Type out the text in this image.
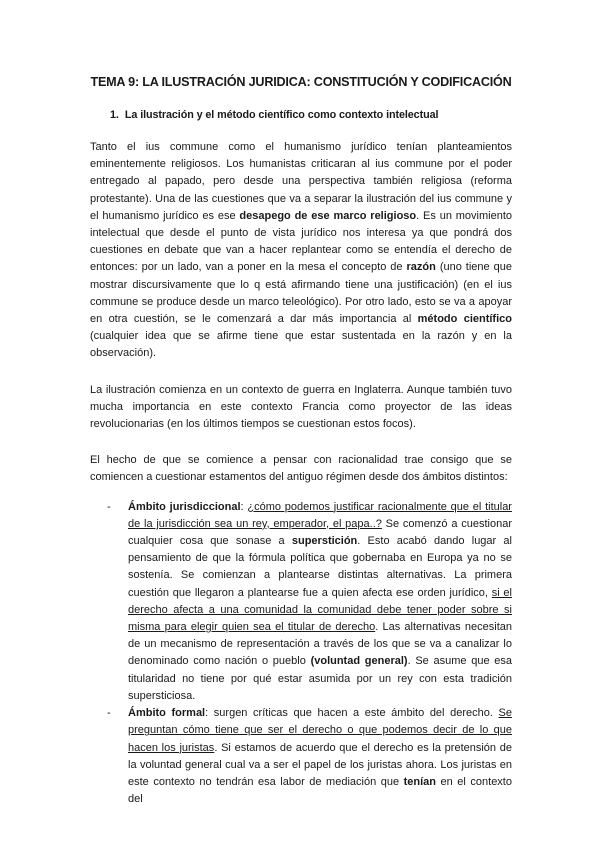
TEMA 9: LA ILUSTRACIÓN JURIDICA: CONSTITUCIÓN Y CODIFICACIÓN
1. La ilustración y el método científico como contexto intelectual

Tanto el ius commune como el humanismo jurídico tenían planteamientos eminentemente religiosos. Los humanistas criticaran al ius commune por el poder entregado al papado, pero desde una perspectiva también religiosa (reforma protestante). Una de las cuestiones que va a separar la ilustración del ius commune y el humanismo jurídico es ese desapego de ese marco religioso. Es un movimiento intelectual que desde el punto de vista jurídico nos interesa ya que pondrá dos cuestiones en debate que van a hacer replantear como se entendía el derecho de entonces: por un lado, van a poner en la mesa el concepto de razón (uno tiene que mostrar discursivamente que lo q está afirmando tiene una justificación) (en el ius commune se produce desde un marco teleológico). Por otro lado, esto se va a apoyar en otra cuestión, se le comenzará a dar más importancia al método científico (cualquier idea que se afirme tiene que estar sustentada en la razón y en la observación).

La ilustración comienza en un contexto de guerra en Inglaterra. Aunque también tuvo mucha importancia en este contexto Francia como proyector de las ideas revolucionarias (en los últimos tiempos se cuestionan estos focos).

El hecho de que se comience a pensar con racionalidad trae consigo que se comiencen a cuestionar estamentos del antiguo régimen desde dos ámbitos distintos:

- Ámbito jurisdiccional: ¿cómo podemos justificar racionalmente que el titular de la jurisdicción sea un rey, emperador, el papa..? Se comenzó a cuestionar cualquier cosa que sonase a superstición. Esto acabó dando lugar al pensamiento de que la fórmula política que gobernaba en Europa ya no se sostenía. Se comienzan a plantearse distintas alternativas. La primera cuestión que llegaron a plantearse fue a quien afecta ese orden jurídico, si el derecho afecta a una comunidad la comunidad debe tener poder sobre si misma para elegir quien sea el titular de derecho. Las alternativas necesitan de un mecanismo de representación a través de los que se va a canalizar lo denominado como nación o pueblo (voluntad general). Se asume que esa titularidad no tiene por qué estar asumida por un rey con esta tradición supersticiosa.
- Ámbito formal: surgen críticas que hacen a este ámbito del derecho. Se preguntan cómo tiene que ser el derecho o que podemos decir de lo que hacen los juristas. Si estamos de acuerdo que el derecho es la pretensión de la voluntad general cual va a ser el papel de los juristas ahora. Los juristas en este contexto no tendrán esa labor de mediación que tenían en el contexto del
